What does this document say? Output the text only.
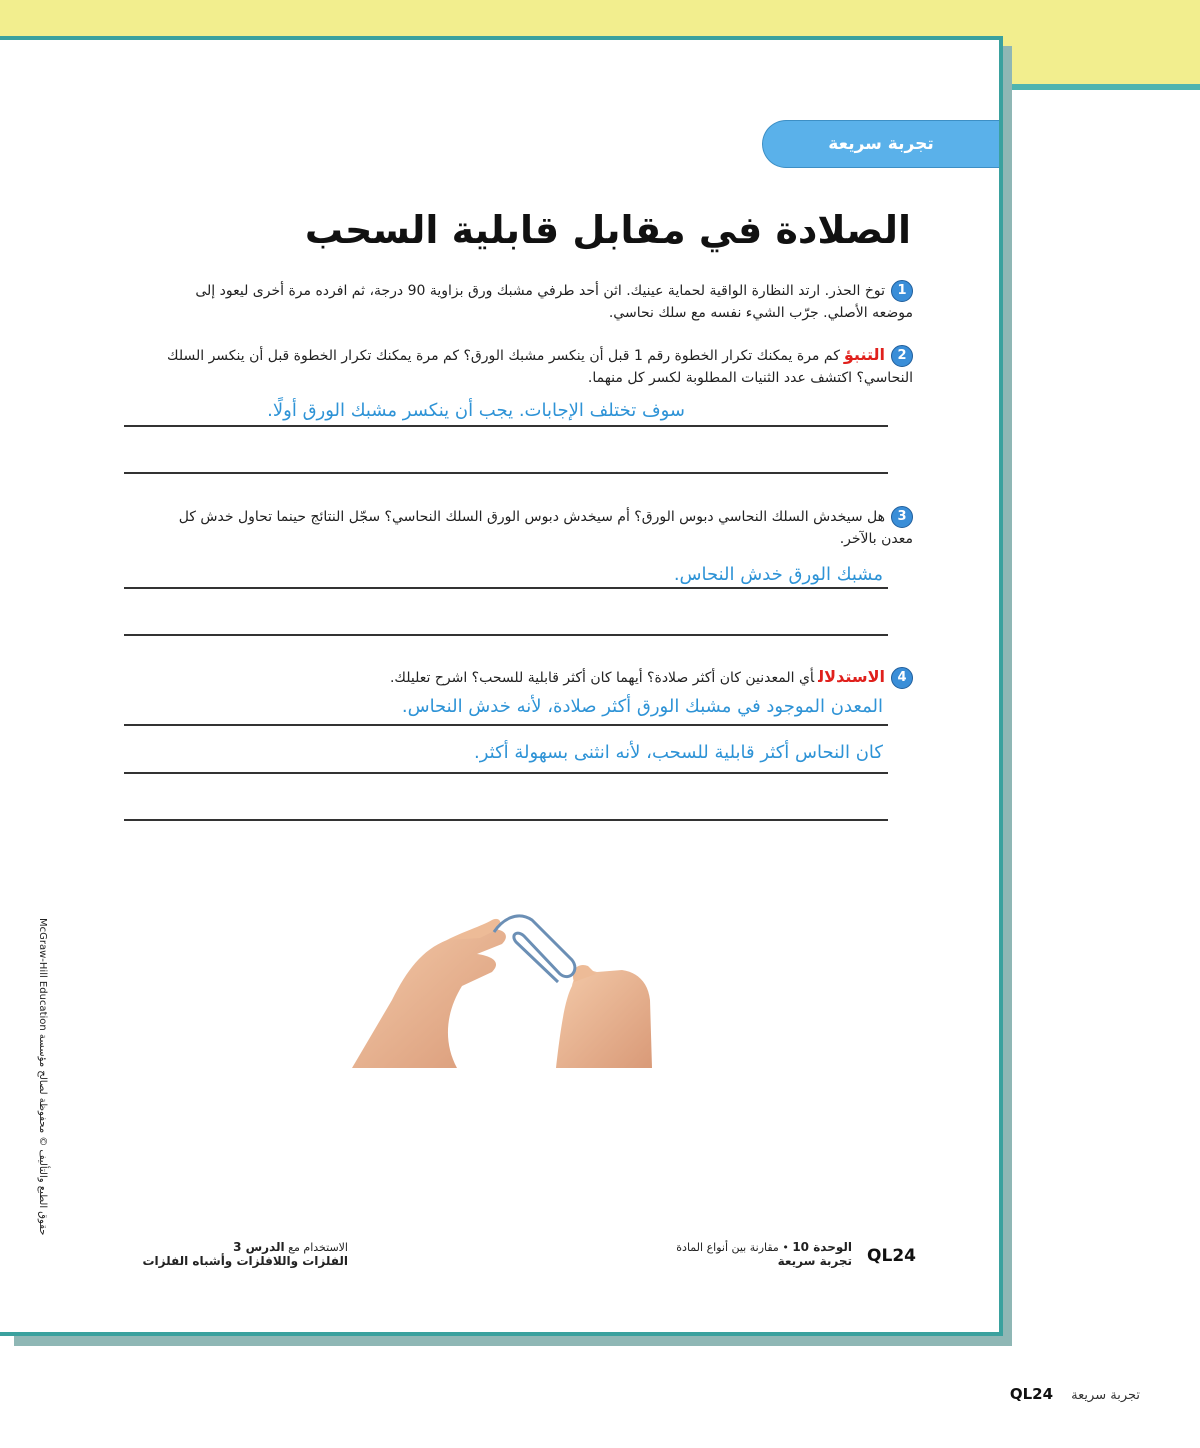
تجربة سريعة
الصلادة في مقابل قابلية السحب
1توخ الحذر. ارتد النظارة الواقية لحماية عينيك. اثن أحد طرفي مشبك ورق بزاوية 90 درجة، ثم افرده مرة أخرى ليعود إلى موضعه الأصلي. جرّب الشيء نفسه مع سلك نحاسي.
2التنبؤكم مرة يمكنك تكرار الخطوة رقم 1 قبل أن ينكسر مشبك الورق؟ كم مرة يمكنك تكرار الخطوة قبل أن ينكسر السلك النحاسي؟ اكتشف عدد الثنيات المطلوبة لكسر كل منهما.
سوف تختلف الإجابات. يجب أن ينكسر مشبك الورق أولًا.
3هل سيخدش السلك النحاسي دبوس الورق؟ أم سيخدش دبوس الورق السلك النحاسي؟ سجّل النتائج حينما تحاول خدش كل معدن بالآخر.
مشبك الورق خدش النحاس.
4الاستدلالأي المعدنين كان أكثر صلادة؟ أيهما كان أكثر قابلية للسحب؟ اشرح تعليلك.
المعدن الموجود في مشبك الورق أكثر صلادة، لأنه خدش النحاس.
كان النحاس أكثر قابلية للسحب، لأنه انثنى بسهولة أكثر.
الاستخدام مع الدرس 3
الفلزات واللافلزات وأشباه الفلزات
الوحدة 10 • مقارنة بين أنواع المادة
تجربة سريعة QL24
حقوق الطبع والتأليف © محفوظة لصالح مؤسسة McGraw-Hill Education
تجربة سريعة QL24
